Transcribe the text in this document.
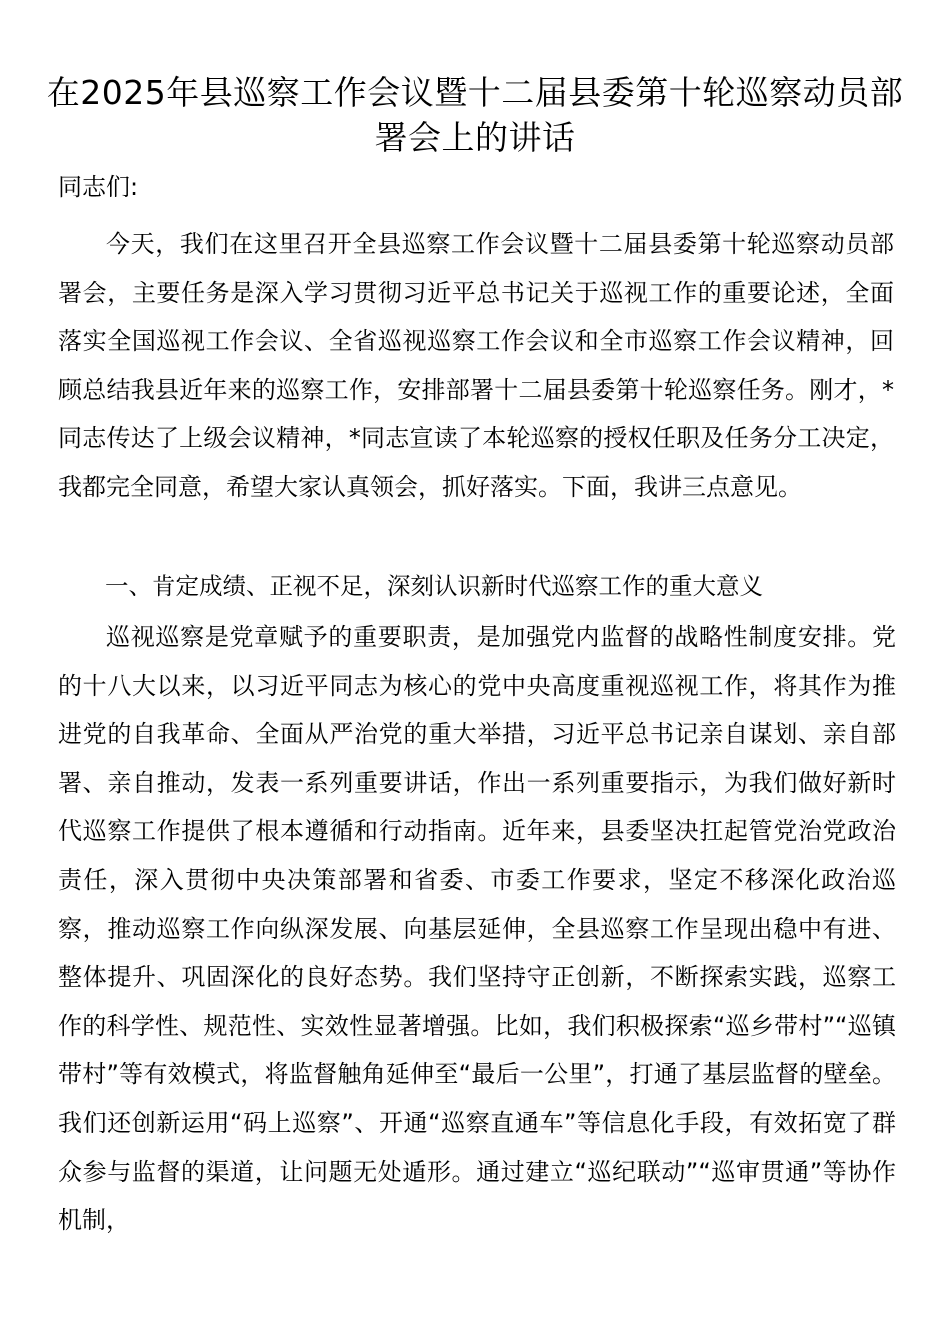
在2025年县巡察工作会议暨十二届县委第十轮巡察动员部署会上的讲话

同志们:

今天，我们在这里召开全县巡察工作会议暨十二届县委第十轮巡察动员部署会，主要任务是深入学习贯彻习近平总书记关于巡视工作的重要论述，全面落实全国巡视工作会议、全省巡视巡察工作会议和全市巡察工作会议精神，回顾总结我县近年来的巡察工作，安排部署十二届县委第十轮巡察任务。刚才，*同志传达了上级会议精神，*同志宣读了本轮巡察的授权任职及任务分工决定，我都完全同意，希望大家认真领会，抓好落实。下面，我讲三点意见。

一、肯定成绩、正视不足，深刻认识新时代巡察工作的重大意义

巡视巡察是党章赋予的重要职责，是加强党内监督的战略性制度安排。党的十八大以来，以习近平同志为核心的党中央高度重视巡视工作，将其作为推进党的自我革命、全面从严治党的重大举措，习近平总书记亲自谋划、亲自部署、亲自推动，发表一系列重要讲话，作出一系列重要指示，为我们做好新时代巡察工作提供了根本遵循和行动指南。近年来，县委坚决扛起管党治党政治责任，深入贯彻中央决策部署和省委、市委工作要求，坚定不移深化政治巡察，推动巡察工作向纵深发展、向基层延伸，全县巡察工作呈现出稳中有进、整体提升、巩固深化的良好态势。我们坚持守正创新，不断探索实践，巡察工作的科学性、规范性、实效性显著增强。比如，我们积极探索“巡乡带村”“巡镇带村”等有效模式，将监督触角延伸至“最后一公里”，打通了基层监督的壁垒。我们还创新运用“码上巡察”、开通“巡察直通车”等信息化手段，有效拓宽了群众参与监督的渠道，让问题无处遁形。通过建立“巡纪联动”“巡审贯通”等协作机制，
